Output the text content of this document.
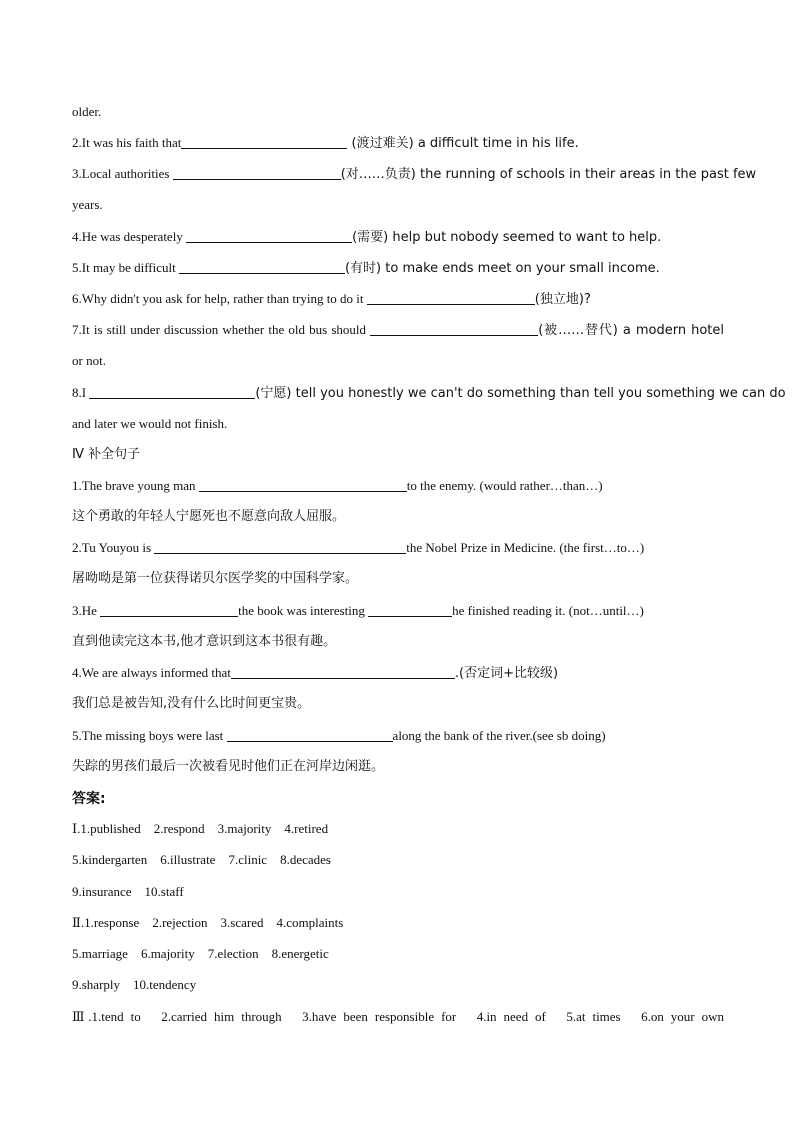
older.
2.It was his faith that	(渡过难关) a difficult time in his life.
3.Local authorities	(对……负责) the running of schools in their areas in the past few
years.
4.He was desperately	(需要) help but nobody seemed to want to help.
5.It may be difficult	(有时) to make ends meet on your small income.
6.Why didn't you ask for help, rather than trying to do it	(独立地)?
7.It is still under discussion whether the old bus should	(被……替代) a modern hotel
or not.
8.I	(宁愿) tell you honestly we can't do something than tell you something we can do
and later we would not finish.
Ⅳ 补全句子
1.The brave young man	to the enemy. (would rather…than…)
这个勇敢的年轻人宁愿死也不愿意向敌人屈服。
2.Tu Youyou is	the Nobel Prize in Medicine. (the first…to…)
屠呦呦是第一位获得诺贝尔医学奖的中国科学家。
3.He	the book was interesting	he finished reading it. (not…until…)
直到他读完这本书,他才意识到这本书很有趣。
4.We are always informed that	.(否定词+比较级)
我们总是被告知,没有什么比时间更宝贵。
5.The missing boys were last	along the bank of the river.(see sb doing)
失踪的男孩们最后一次被看见时他们正在河岸边闲逛。
答案:
Ⅰ.1.published　2.respond　3.majority　4.retired
5.kindergarten　6.illustrate　7.clinic　8.decades
9.insurance　10.staff
Ⅱ.1.response　2.rejection　3.scared　4.complaints
5.marriage　6.majority　7.election　8.energetic
9.sharply　10.tendency
Ⅲ.1.tend to　2.carried him through　3.have been responsible for　4.in need of　5.at times　6.on your own
